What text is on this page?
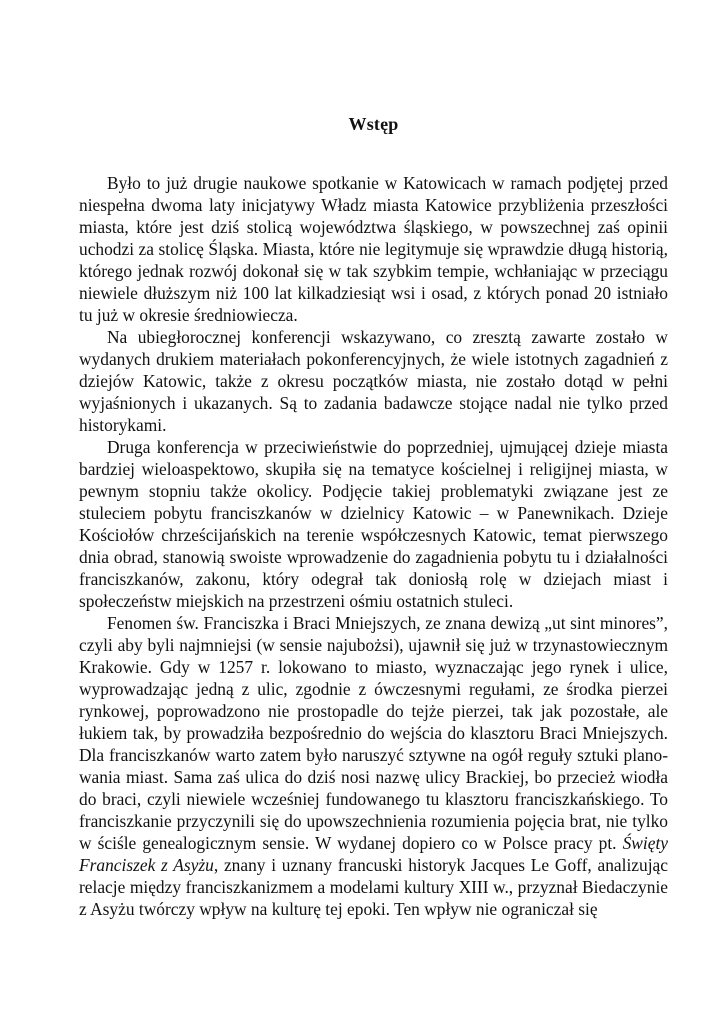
Wstęp

Było to już drugie naukowe spotkanie w Katowicach w ramach podjętej przed niespełna dwoma laty inicjatywy Władz miasta Katowice przybliżenia przeszłości miasta, które jest dziś stolicą województwa śląskiego, w powszechnej zaś opinii uchodzi za stolicę Śląska. Miasta, które nie legitymuje się wprawdzie długą historią, którego jednak rozwój dokonał się w tak szybkim tempie, wchłaniając w przeciągu niewiele dłuższym niż 100 lat kilkadziesiąt wsi i osad, z których ponad 20 istniało tu już w okresie średniowiecza.

Na ubiegłorocznej konferencji wskazywano, co zresztą zawarte zostało w wydanych drukiem materiałach pokonferencyjnych, że wiele istotnych zagadnień z dziejów Katowic, także z okresu początków miasta, nie zostało dotąd w pełni wyjaśnionych i ukazanych. Są to zadania badawcze stojące nadal nie tylko przed historykami.

Druga konferencja w przeciwieństwie do poprzedniej, ujmującej dzieje miasta bardziej wieloaspektowo, skupiła się na tematyce kościelnej i religijnej miasta, w pewnym stopniu także okolicy. Podjęcie takiej problematyki związane jest ze stuleciem pobytu franciszkanów w dzielnicy Katowic – w Panewnikach. Dzieje Kościołów chrześcijańskich na terenie współczesnych Katowic, temat pierwszego dnia obrad, stanowią swoiste wprowadzenie do zagadnienia pobytu tu i działalności franciszkanów, zakonu, który odegrał tak doniosłą rolę w dziejach miast i społeczeństw miejskich na przestrzeni ośmiu ostatnich stuleci.

Fenomen św. Franciszka i Braci Mniejszych, ze znana dewizą „ut sint minores”, czyli aby byli najmniejsi (w sensie najubożsi), ujawnił się już w trzynastowiecznym Krakowie. Gdy w 1257 r. lokowano to miasto, wyznaczając jego rynek i ulice, wyprowadzając jedną z ulic, zgodnie z ówczesnymi regułami, ze środka pierzei rynkowej, poprowadzono nie prostopadle do tejże pierzei, tak jak pozostałe, ale łukiem tak, by prowadziła bezpośrednio do wejścia do klasztoru Braci Mniejszych. Dla franciszkanów warto zatem było naruszyć sztywne na ogół reguły sztuki planowania miast. Sama zaś ulica do dziś nosi nazwę ulicy Brackiej, bo przecież wiodła do braci, czyli niewiele wcześniej fundowanego tu klasztoru franciszkańskiego. To franciszkanie przyczynili się do upowszechnienia rozumienia pojęcia brat, nie tylko w ściśle genealogicznym sensie. W wydanej dopiero co w Polsce pracy pt. Święty Franciszek z Asyżu, znany i uznany francuski historyk Jacques Le Goff, analizując relacje między franciszkanizmem a modelami kultury XIII w., przyznał Biedaczynie z Asyżu twórczy wpływ na kulturę tej epoki. Ten wpływ nie ograniczał się
